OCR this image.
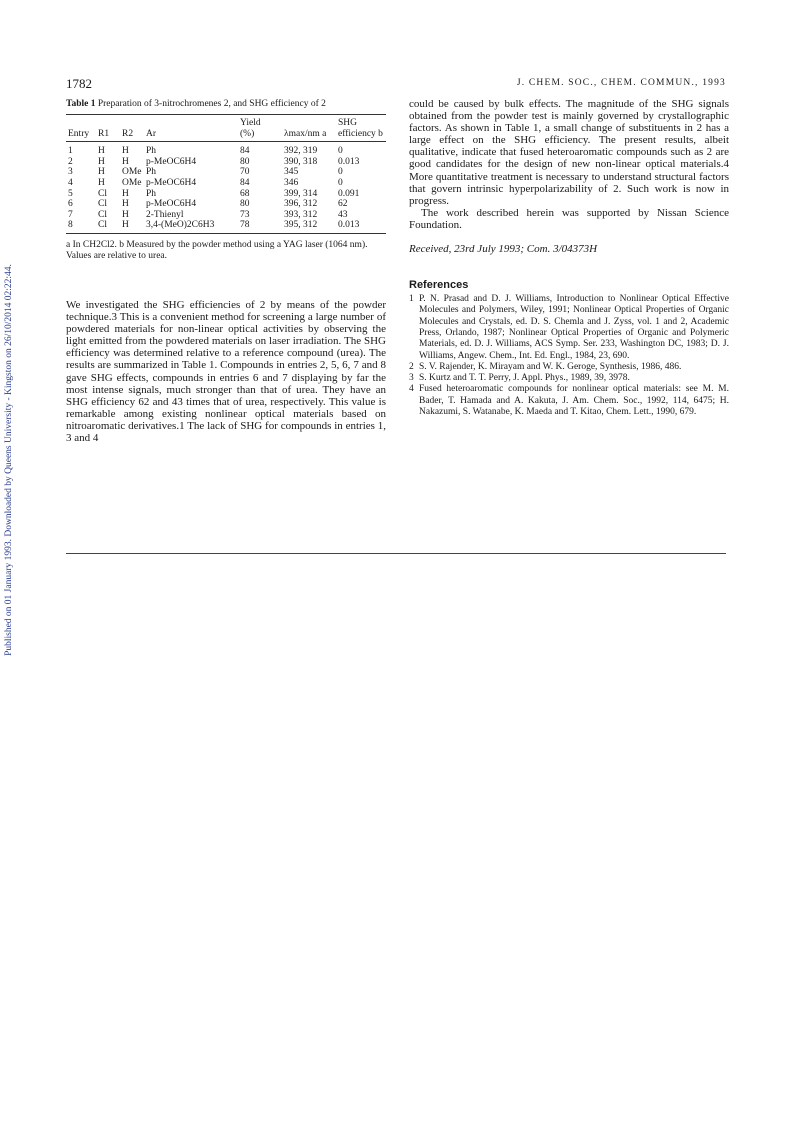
Published on 01 January 1993. Downloaded by Queens University - Kingston on 26/10/2014 02:22:44.
1782	J. CHEM. SOC., CHEM. COMMUN., 1993

Table 1 Preparation of 3-nitrochromenes 2, and SHG efficiency of 2

				Yield		SHG
Entry	R1	R2	Ar	(%)	λmax/nm a	efficiency b
1	H	H	Ph	84	392, 319	0
2	H	H	p-MeOC6H4	80	390, 318	0.013
3	H	OMe	Ph	70	345	0
4	H	OMe	p-MeOC6H4	84	346	0
5	Cl	H	Ph	68	399, 314	0.091
6	Cl	H	p-MeOC6H4	80	396, 312	62
7	Cl	H	2-Thienyl	73	393, 312	43
8	Cl	H	3,4-(MeO)2C6H3	78	395, 312	0.013

a In CH2Cl2. b Measured by the powder method using a YAG laser (1064 nm). Values are relative to urea.

We investigated the SHG efficiencies of 2 by means of the powder technique.3 This is a convenient method for screening a large number of powdered materials for non-linear optical activities by observing the light emitted from the powdered materials on laser irradiation. The SHG efficiency was determined relative to a reference compound (urea). The results are summarized in Table 1. Compounds in entries 2, 5, 6, 7 and 8 gave SHG effects, compounds in entries 6 and 7 displaying by far the most intense signals, much stronger than that of urea. They have an SHG efficiency 62 and 43 times that of urea, respectively. This value is remarkable among existing nonlinear optical materials based on nitroaromatic derivatives.1 The lack of SHG for compounds in entries 1, 3 and 4

could be caused by bulk effects. The magnitude of the SHG signals obtained from the powder test is mainly governed by crystallographic factors. As shown in Table 1, a small change of substituents in 2 has a large effect on the SHG efficiency. The present results, albeit qualitative, indicate that fused heteroaromatic compounds such as 2 are good candidates for the design of new non-linear optical materials.4 More quantitative treatment is necessary to understand structural factors that govern intrinsic hyperpolarizability of 2. Such work is now in progress.

The work described herein was supported by Nissan Science Foundation.

Received, 23rd July 1993; Com. 3/04373H
References
1 P. N. Prasad and D. J. Williams, Introduction to Nonlinear Optical Effective Molecules and Polymers, Wiley, 1991; Nonlinear Optical Properties of Organic Molecules and Crystals, ed. D. S. Chemla and J. Zyss, vol. 1 and 2, Academic Press, Orlando, 1987; Nonlinear Optical Properties of Organic and Polymeric Materials, ed. D. J. Williams, ACS Symp. Ser. 233, Washington DC, 1983; D. J. Williams, Angew. Chem., Int. Ed. Engl., 1984, 23, 690.
2 S. V. Rajender, K. Mirayam and W. K. Geroge, Synthesis, 1986, 486.
3 S. Kurtz and T. T. Perry, J. Appl. Phys., 1989, 39, 3978.
4 Fused heteroaromatic compounds for nonlinear optical materials: see M. M. Bader, T. Hamada and A. Kakuta, J. Am. Chem. Soc., 1992, 114, 6475; H. Nakazumi, S. Watanabe, K. Maeda and T. Kitao, Chem. Lett., 1990, 679.
